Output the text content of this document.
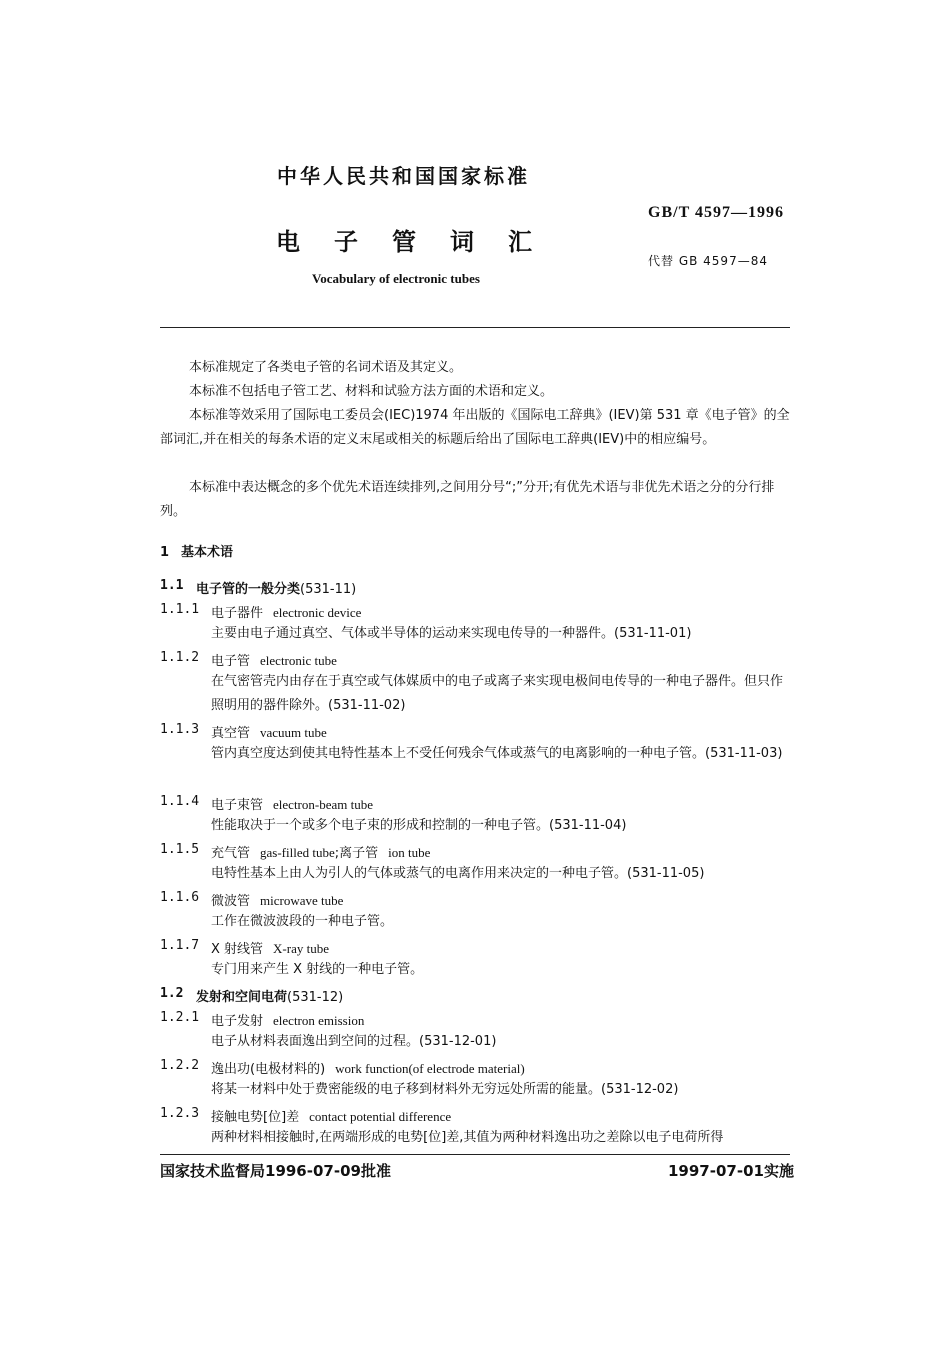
中华人民共和国国家标准
电子管词汇
Vocabulary of electronic tubes
GB/T 4597—1996
代替 GB 4597—84
本标准规定了各类电子管的名词术语及其定义。
本标准不包括电子管工艺、材料和试验方法方面的术语和定义。
本标准等效采用了国际电工委员会(IEC)1974 年出版的《国际电工辞典》(IEV)第 531 章《电子管》的全部词汇,并在相关的每条术语的定义末尾或相关的标题后给出了国际电工辞典(IEV)中的相应编号。
本标准中表达概念的多个优先术语连续排列,之间用分号“;”分开;有优先术语与非优先术语之分的分行排列。
1 基本术语
1.1 电子管的一般分类(531-11)
1.1.1 电子器件 electronic device
主要由电子通过真空、气体或半导体的运动来实现电传导的一种器件。(531-11-01)
1.1.2 电子管 electronic tube
在气密管壳内由存在于真空或气体媒质中的电子或离子来实现电极间电传导的一种电子器件。但只作照明用的器件除外。(531-11-02)
1.1.3 真空管 vacuum tube
管内真空度达到使其电特性基本上不受任何残余气体或蒸气的电离影响的一种电子管。(531-11-03)
1.1.4 电子束管 electron-beam tube
性能取决于一个或多个电子束的形成和控制的一种电子管。(531-11-04)
1.1.5 充气管 gas-filled tube;离子管 ion tube
电特性基本上由人为引人的气体或蒸气的电离作用来决定的一种电子管。(531-11-05)
1.1.6 微波管 microwave tube
工作在微波波段的一种电子管。
1.1.7 X 射线管 X-ray tube
专门用来产生 X 射线的一种电子管。
1.2 发射和空间电荷(531-12)
1.2.1 电子发射 electron emission
电子从材料表面逸出到空间的过程。(531-12-01)
1.2.2 逸出功(电极材料的) work function(of electrode material)
将某一材料中处于费密能级的电子移到材料外无穷远处所需的能量。(531-12-02)
1.2.3 接触电势[位]差 contact potential difference
两种材料相接触时,在两端形成的电势[位]差,其值为两种材料逸出功之差除以电子电荷所得
国家技术监督局1996-07-09批准	1997-07-01实施
